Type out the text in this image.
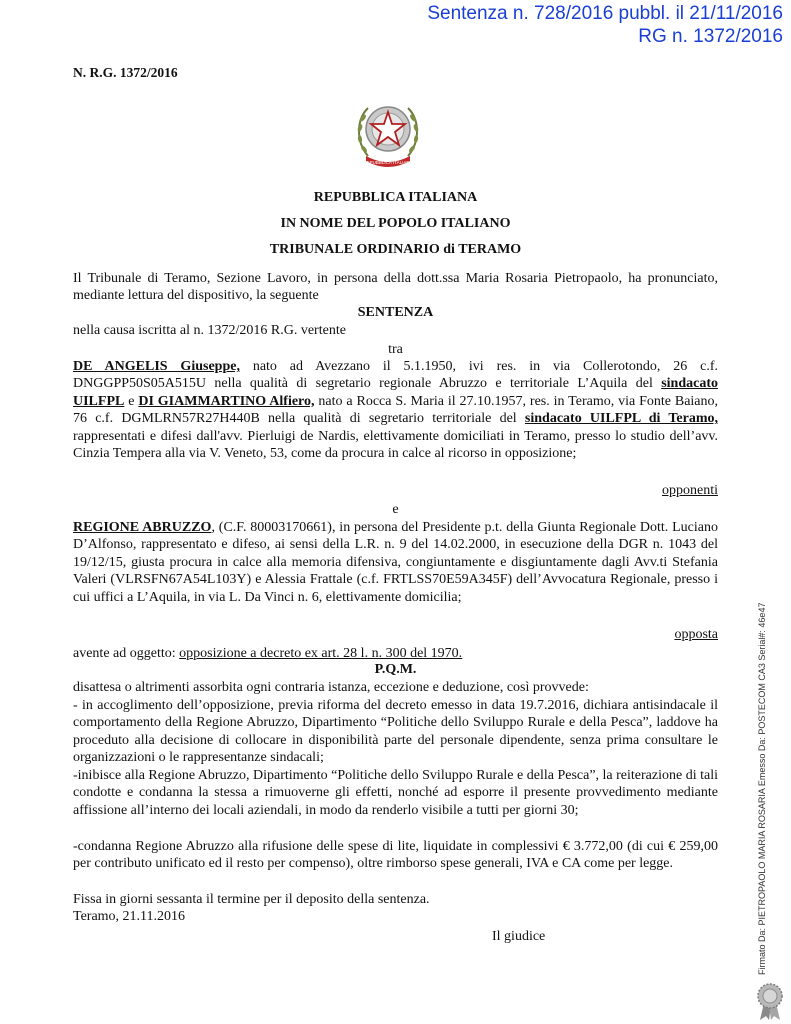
Sentenza n. 728/2016 pubbl. il 21/11/2016
RG n. 1372/2016
N. R.G. 1372/2016
REPUBBLICA ITALIANA
REPUBBLICA ITALIANA
IN NOME DEL POPOLO ITALIANO
TRIBUNALE ORDINARIO di TERAMO
Il Tribunale di Teramo, Sezione Lavoro, in persona della dott.ssa Maria Rosaria Pietropaolo, ha pronunciato, mediante lettura del dispositivo, la seguente
SENTENZA
nella causa iscritta al n. 1372/2016 R.G. vertente
tra
DE ANGELIS Giuseppe, nato ad Avezzano il 5.1.1950, ivi res. in via Collerotondo, 26 c.f. DNGGPP50S05A515U nella qualità di segretario regionale Abruzzo e territoriale L’Aquila del sindacato UILFPL e DI GIAMMARTINO Alfiero, nato a Rocca S. Maria il 27.10.1957, res. in Teramo, via Fonte Baiano, 76 c.f. DGMLRN57R27H440B nella qualità di segretario territoriale del sindacato UILFPL di Teramo, rappresentati e difesi dall'avv. Pierluigi de Nardis, elettivamente domiciliati in Teramo, presso lo studio dell’avv. Cinzia Tempera alla via V. Veneto, 53, come da procura in calce al ricorso in opposizione;
opponenti
e
REGIONE ABRUZZO, (C.F. 80003170661), in persona del Presidente p.t. della Giunta Regionale Dott. Luciano D’Alfonso, rappresentato e difeso, ai sensi della L.R. n. 9 del 14.02.2000, in esecuzione della DGR n. 1043 del 19/12/15, giusta procura in calce alla memoria difensiva, congiuntamente e disgiuntamente dagli Avv.ti Stefania Valeri (VLRSFN67A54L103Y) e Alessia Frattale (c.f. FRTLSS70E59A345F) dell’Avvocatura Regionale, presso i cui uffici a L’Aquila, in via L. Da Vinci n. 6, elettivamente domicilia;
opposta
avente ad oggetto: opposizione a decreto ex art. 28 l. n. 300 del 1970.
P.Q.M.
disattesa o altrimenti assorbita ogni contraria istanza, eccezione e deduzione, così provvede:
- in accoglimento dell’opposizione, previa riforma del decreto emesso in data 19.7.2016, dichiara antisindacale il comportamento della Regione Abruzzo, Dipartimento “Politiche dello Sviluppo Rurale e della Pesca”, laddove ha proceduto alla decisione di collocare in disponibilità parte del personale dipendente, senza prima consultare le organizzazioni o le rappresentanze sindacali;
-inibisce alla Regione Abruzzo, Dipartimento “Politiche dello Sviluppo Rurale e della Pesca”, la reiterazione di tali condotte e condanna la stessa a rimuoverne gli effetti, nonché ad esporre il presente provvedimento mediante affissione all’interno dei locali aziendali, in modo da renderlo visibile a tutti per giorni 30;
-condanna Regione Abruzzo alla rifusione delle spese di lite, liquidate in complessivi € 3.772,00 (di cui € 259,00 per contributo unificato ed il resto per compenso), oltre rimborso spese generali, IVA e CA come per legge.
Fissa in giorni sessanta il termine per il deposito della sentenza.
Teramo, 21.11.2016
Il giudice	Firmato Da: PIETROPAOLO MARIA ROSARIA Emesso Da: POSTECOM CA3 Serial#: 46e47
